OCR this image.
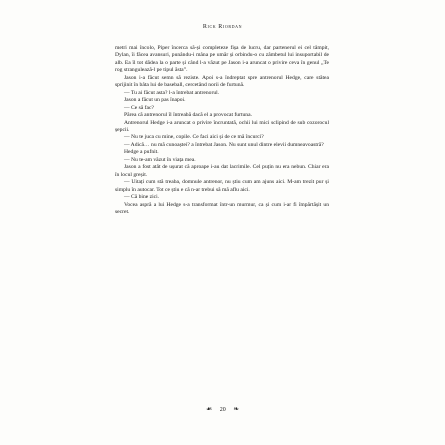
Rick Riordan

metri mai încolo, Piper încerca să-și completeze fișa de lucru, dar partenerul ei cel tâmpit, Dylan, îi făcea avansuri, punându-i mâna pe umăr și orbindu-o cu zâmbetul lui insuportabil de alb. Ea îl tot dădea la o parte și când l-a văzut pe Jason i-a aruncat o privire ceva în genul „Te rog strangulează-l pe tipul ăsta”.

Jason i-a făcut semn să reziste. Apoi s-a îndreptat spre antrenorul Hedge, care stătea sprijinit în bâta lui de baseball, cercetând norii de furtună.

— Tu ai făcut asta? l-a întrebat antrenorul.

Jason a făcut un pas înapoi.

— Ce să fac?

Părea că antrenorul îl întreabă dacă el a provocat furtuna.

Antrenorul Hedge i-a aruncat o privire încruntată, ochii lui mici sclipind de sub cozorocul șepcii.

— Nu te juca cu mine, copile. Ce faci aici și de ce mă încurci?

— Adică… nu mă cunoaștei? a întrebat Jason. Nu sunt unul dintre elevii dumneavoastră?

Hedge a pufnit.

— Nu te-am văzut în viața mea.

Jason a fost atât de ușurat că aproape i-au dat lacrimile. Cel puțin nu era nebun. Chiar era în locul greșit.

— Uitați cum stă treaba, domnule antrenor, nu știu cum am ajuns aici. M-am trezit pur și simplu în autocar. Tot ce știu e că n-ar trebui să mă aflu aici.

— Că bine zici.

Vocea aspră a lui Hedge s-a transformat într-un murmur, ca și cum i-ar fi împărtășit un secret.

☙ 20 ❧
